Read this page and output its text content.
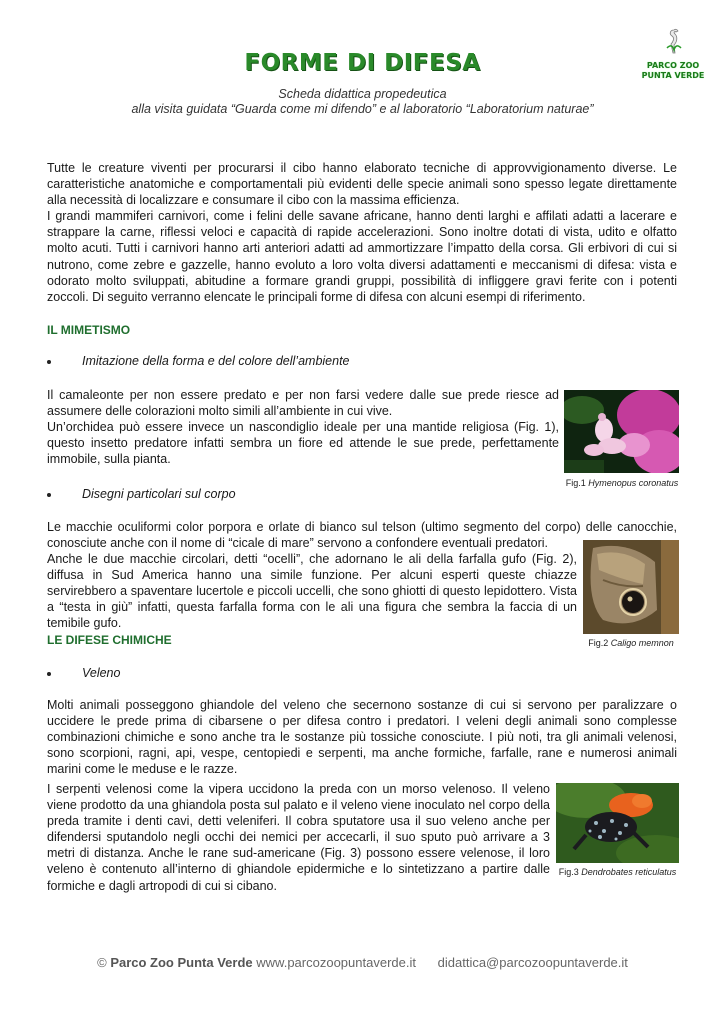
FORME DI DIFESA
Scheda didattica propedeutica
alla visita guidata “Guarda come mi difendo” e al laboratorio “Laboratorium naturae”
PARCO ZOO
PUNTA VERDE

Tutte le creature viventi per procurarsi il cibo hanno elaborato tecniche di approvvigionamento diverse. Le caratteristiche anatomiche e comportamentali più evidenti delle specie animali sono spesso legate direttamente alla necessità di localizzare e consumare il cibo con la massima efficienza.

I grandi mammiferi carnivori, come i felini delle savane africane, hanno denti larghi e affilati adatti a lacerare e strappare la carne, riflessi veloci e capacità di rapide accelerazioni. Sono inoltre dotati di vista, udito e olfatto molto acuti. Tutti i carnivori hanno arti anteriori adatti ad ammortizzare l’impatto della corsa. Gli erbivori di cui si nutrono, come zebre e gazzelle, hanno evoluto a loro volta diversi adattamenti e meccanismi di difesa: vista e odorato molto sviluppati, abitudine a formare grandi gruppi, possibilità di infliggere gravi ferite con i potenti zoccoli. Di seguito verranno elencate le principali forme di difesa con alcuni esempi di riferimento.

IL MIMETISMO
Imitazione della forma e del colore dell’ambiente

Il camaleonte per non essere predato e per non farsi vedere dalle sue prede riesce ad assumere delle colorazioni molto simili all’ambiente in cui vive.

Un’orchidea può essere invece un nascondiglio ideale per una mantide religiosa (Fig. 1), questo insetto predatore infatti sembra un fiore ed attende le sue prede, perfettamente immobile, sulla pianta.

Fig.1 Hymenopus coronatus
Disegni particolari sul corpo

Le macchie oculiformi color porpora e orlate di bianco sul telson (ultimo segmento del corpo) delle canocchie, conosciute anche con il nome di “cicale di mare” servono a confondere eventuali predatori.

Anche le due macchie circolari, detti “ocelli”, che adornano le ali della farfalla gufo (Fig. 2), diffusa in Sud America hanno una simile funzione. Per alcuni esperti queste chiazze servirebbero a spaventare lucertole e piccoli uccelli, che sono ghiotti di questo lepidottero. Vista a “testa in giù” infatti, questa farfalla forma con le ali una figura che sembra la faccia di un temibile gufo.

Fig.2 Caligo memnon
LE DIFESE CHIMICHE
Veleno

Molti animali posseggono ghiandole del veleno che secernono sostanze di cui si servono per paralizzare o uccidere le prede prima di cibarsene o per difesa contro i predatori. I veleni degli animali sono complesse combinazioni chimiche e sono anche tra le sostanze più tossiche conosciute. I più noti, tra gli animali velenosi, sono scorpioni, ragni, api, vespe, centopiedi e serpenti, ma anche formiche, farfalle, rane e numerosi animali marini come le meduse e le razze.

I serpenti velenosi come la vipera uccidono la preda con un morso velenoso. Il veleno viene prodotto da una ghiandola posta sul palato e il veleno viene inoculato nel corpo della preda tramite i denti cavi, detti veleniferi. Il cobra sputatore usa il suo veleno anche per difendersi sputandolo negli occhi dei nemici per accecarli, il suo sputo può arrivare a 3 metri di distanza. Anche le rane sud-americane (Fig. 3) possono essere velenose, il loro veleno è contenuto all’interno di ghiandole epidermiche e lo sintetizzano a partire dalle formiche e dagli artropodi di cui si cibano.

Fig.3 Dendrobates reticulatus
© Parco Zoo Punta Verde www.parcozoopuntaverde.it didattica@parcozoopuntaverde.it
